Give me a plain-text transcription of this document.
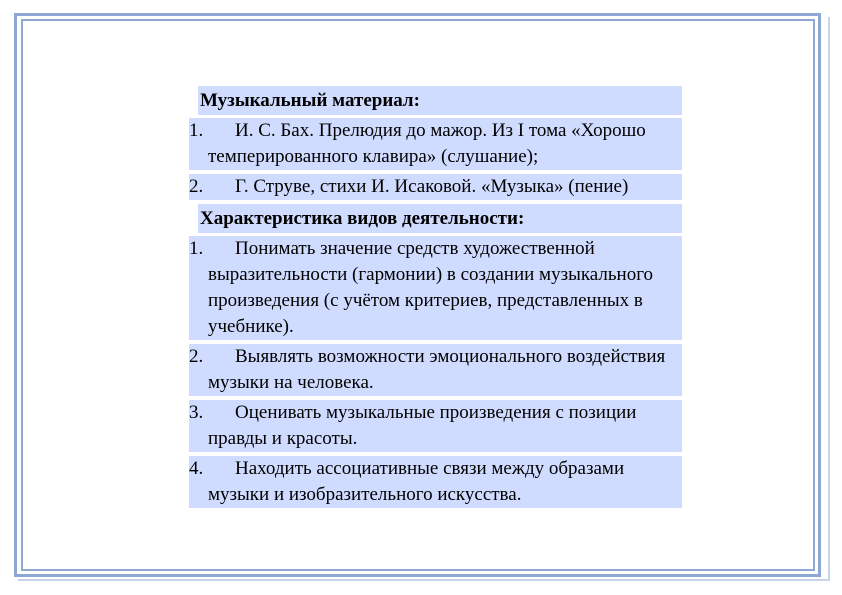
Музыкальный материал:
1.	И. С. Бах. Прелюдия до мажор. Из I тома «Хорошо темперированного клавира» (слушание);
2.	Г. Струве, стихи И. Исаковой. «Музыка» (пение)
Характеристика видов деятельности:
1.	Понимать значение средств художественной выразительности (гармонии) в создании музыкального произведения (с учётом критериев, представленных в учебнике).
2.	Выявлять возможности эмоционального воздействия музыки на человека.
3.	Оценивать музыкальные произведения с позиции правды и красоты.
4.	Находить ассоциативные связи между образами музыки и изобразительного искусства.
